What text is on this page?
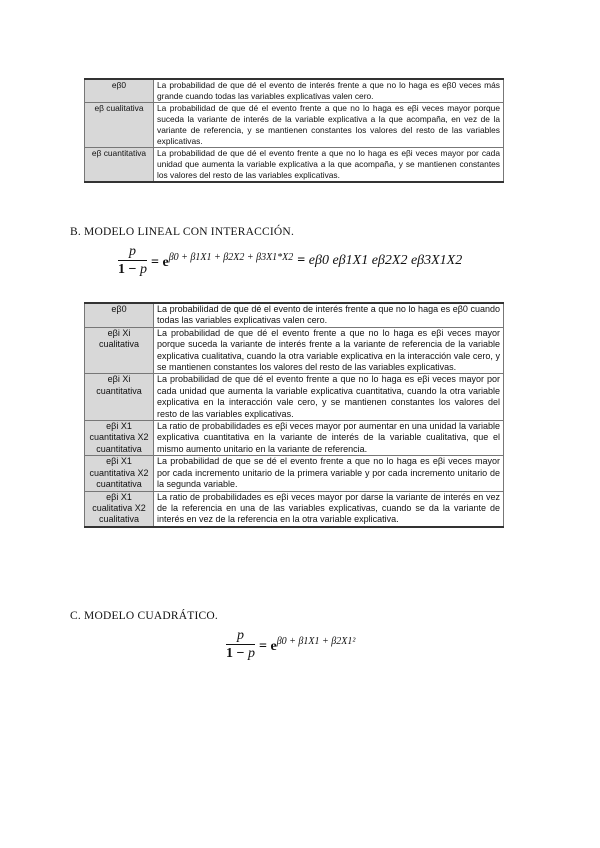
eβ0	La probabilidad de que dé el evento de interés frente a que no lo haga es eβ0 veces más grande cuando todas las variables explicativas valen cero.
eβ cualitativa	La probabilidad de que dé el evento frente a que no lo haga es eβi veces mayor porque suceda la variante de interés de la variable explicativa a la que acompaña, en vez de la variante de referencia, y se mantienen constantes los valores del resto de las variables explicativas.
eβ cuantitativa	La probabilidad de que dé el evento frente a que no lo haga es eβi veces mayor por cada unidad que aumenta la variable explicativa a la que acompaña, y se mantienen constantes los valores del resto de las variables explicativas.
B. MODELO LINEAL CON INTERACCIÓN.
$\frac{p}{1 - p} = e^{\beta 0 + \beta 1X1 + \beta 2X2 + \beta 3X1*X2} = e\beta 0$ eβ1X1 eβ2X2 eβ3X1X2
eβ0	La probabilidad de que dé el evento de interés frente a que no lo haga es eβ0 cuando todas las variables explicativas valen cero.
eβi Xi cualitativa	La probabilidad de que dé el evento frente a que no lo haga es eβi veces mayor porque suceda la variante de interés frente a la variante de referencia de la variable explicativa cualitativa, cuando la otra variable explicativa en la interacción vale cero, y se mantienen constantes los valores del resto de las variables explicativas.
eβi Xi cuantitativa	La probabilidad de que dé el evento frente a que no lo haga es eβi veces mayor por cada unidad que aumenta la variable explicativa cuantitativa, cuando la otra variable explicativa en la interacción vale cero, y se mantienen constantes los valores del resto de las variables explicativas.
eβi X1 cuantitativa X2 cuantitativa	La ratio de probabilidades es eβi veces mayor por aumentar en una unidad la variable explicativa cuantitativa en la variante de interés de la variable cualitativa, que el mismo aumento unitario en la variante de referencia.
eβi X1 cuantitativa X2 cuantitativa	La probabilidad de que se dé el evento frente a que no lo haga es eβi veces mayor por cada incremento unitario de la primera variable y por cada incremento unitario de la segunda variable.
eβi X1 cualitativa X2 cualitativa	La ratio de probabilidades es eβi veces mayor por darse la variante de interés en vez de la referencia en una de las variables explicativas, cuando se da la variante de interés en vez de la referencia en la otra variable explicativa.
C. MODELO CUADRÁTICO.
$\frac{p}{1 - p} = e^{\beta 0 + \beta 1X1 + \beta 2X1^2}$
